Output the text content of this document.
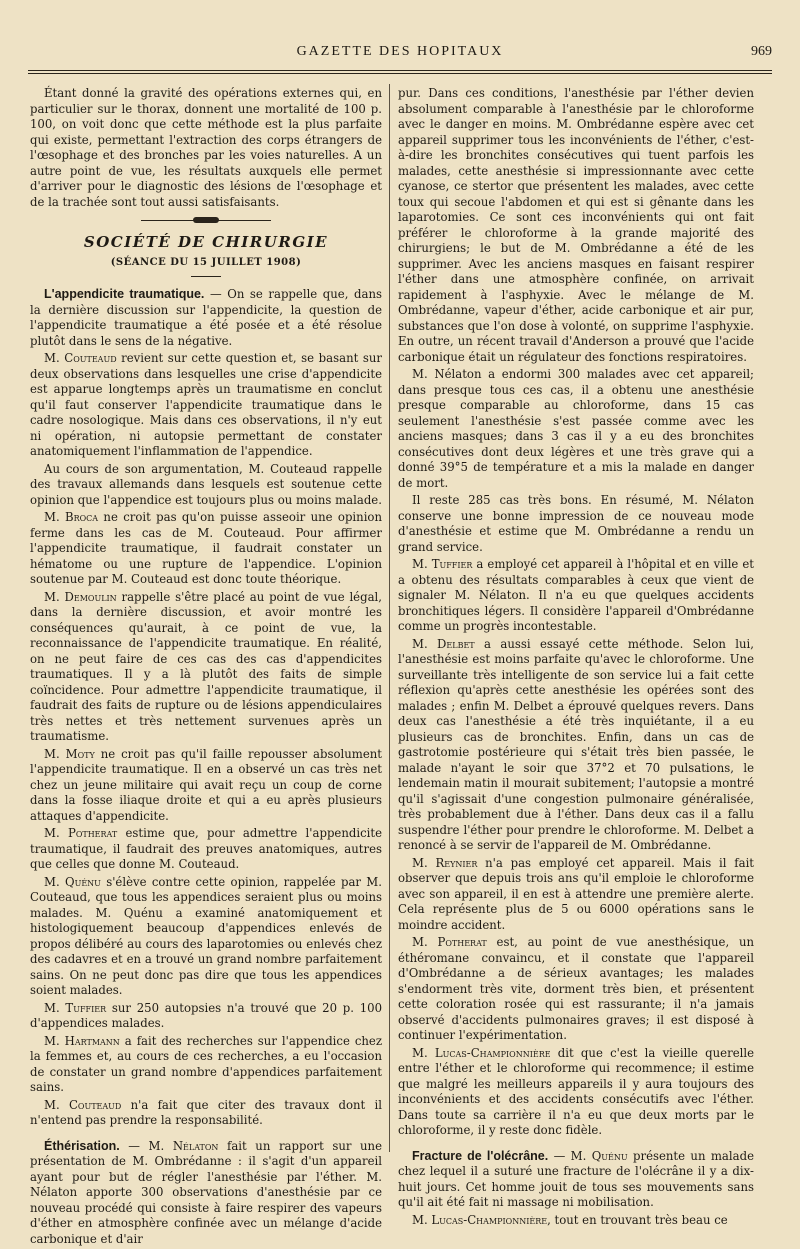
GAZETTE DES HOPITAUX	969

Étant donné la gravité des opérations externes qui, en particulier sur le thorax, donnent une mortalité de 100 p. 100, on voit donc que cette méthode est la plus parfaite qui existe, permettant l'extraction des corps étrangers de l'œsophage et des bronches par les voies naturelles. A un autre point de vue, les résultats auxquels elle permet d'arriver pour le diagnostic des lésions de l'œsophage et de la trachée sont tout aussi satisfaisants.

SOCIÉTÉ DE CHIRURGIE
(SÉANCE DU 15 JUILLET 1908)

L'appendicite traumatique. — On se rappelle que, dans la dernière discussion sur l'appendicite, la question de l'appendicite traumatique a été posée et a été résolue plutôt dans le sens de la négative.

M. Couteaud revient sur cette question et, se basant sur deux observations dans lesquelles une crise d'appendicite est apparue longtemps après un traumatisme en conclut qu'il faut conserver l'appendicite traumatique dans le cadre nosologique. Mais dans ces observations, il n'y eut ni opération, ni autopsie permettant de constater anatomiquement l'inflammation de l'appendice.

Au cours de son argumentation, M. Couteaud rappelle des travaux allemands dans lesquels est soutenue cette opinion que l'appendice est toujours plus ou moins malade.

M. Broca ne croit pas qu'on puisse asseoir une opinion ferme dans les cas de M. Couteaud. Pour affirmer l'appendicite traumatique, il faudrait constater un hématome ou une rupture de l'appendice. L'opinion soutenue par M. Couteaud est donc toute théorique.

M. Demoulin rappelle s'être placé au point de vue légal, dans la dernière discussion, et avoir montré les conséquences qu'aurait, à ce point de vue, la reconnaissance de l'appendicite traumatique. En réalité, on ne peut faire de ces cas des cas d'appendicites traumatiques. Il y a là plutôt des faits de simple coïncidence. Pour admettre l'appendicite traumatique, il faudrait des faits de rupture ou de lésions appendiculaires très nettes et très nettement survenues après un traumatisme.

M. Moty ne croit pas qu'il faille repousser absolument l'appendicite traumatique. Il en a observé un cas très net chez un jeune militaire qui avait reçu un coup de corne dans la fosse iliaque droite et qui a eu après plusieurs attaques d'appendicite.

M. Potherat estime que, pour admettre l'appendicite traumatique, il faudrait des preuves anatomiques, autres que celles que donne M. Couteaud.

M. Quénu s'élève contre cette opinion, rappelée par M. Couteaud, que tous les appendices seraient plus ou moins malades. M. Quénu a examiné anatomiquement et histologiquement beaucoup d'appendices enlevés de propos délibéré au cours des laparotomies ou enlevés chez des cadavres et en a trouvé un grand nombre parfaitement sains. On ne peut donc pas dire que tous les appendices soient malades.

M. Tuffier sur 250 autopsies n'a trouvé que 20 p. 100 d'appendices malades.

M. Hartmann a fait des recherches sur l'appendice chez la femmes et, au cours de ces recherches, a eu l'occasion de constater un grand nombre d'appendices parfaitement sains.

M. Couteaud n'a fait que citer des travaux dont il n'entend pas prendre la responsabilité.

Éthérisation. — M. Nélaton fait un rapport sur une présentation de M. Ombrédanne : il s'agit d'un appareil ayant pour but de régler l'anesthésie par l'éther. M. Nélaton apporte 300 observations d'anesthésie par ce nouveau procédé qui consiste à faire respirer des vapeurs d'éther en atmosphère confinée avec un mélange d'acide carbonique et d'air

pur. Dans ces conditions, l'anesthésie par l'éther devien absolument comparable à l'anesthésie par le chloroforme avec le danger en moins. M. Ombrédanne espère avec cet appareil supprimer tous les inconvénients de l'éther, c'est-à-dire les bronchites consécutives qui tuent parfois les malades, cette anesthésie si impressionnante avec cette cyanose, ce stertor que présentent les malades, avec cette toux qui secoue l'abdomen et qui est si gênante dans les laparotomies. Ce sont ces inconvénients qui ont fait préférer le chloroforme à la grande majorité des chirurgiens; le but de M. Ombrédanne a été de les supprimer. Avec les anciens masques en faisant respirer l'éther dans une atmosphère confinée, on arrivait rapidement à l'asphyxie. Avec le mélange de M. Ombrédanne, vapeur d'éther, acide carbonique et air pur, substances que l'on dose à volonté, on supprime l'asphyxie. En outre, un récent travail d'Anderson a prouvé que l'acide carbonique était un régulateur des fonctions respiratoires.

M. Nélaton a endormi 300 malades avec cet appareil; dans presque tous ces cas, il a obtenu une anesthésie presque comparable au chloroforme, dans 15 cas seulement l'anesthésie s'est passée comme avec les anciens masques; dans 3 cas il y a eu des bronchites consécutives dont deux légères et une très grave qui a donné 39°5 de température et a mis la malade en danger de mort.

Il reste 285 cas très bons. En résumé, M. Nélaton conserve une bonne impression de ce nouveau mode d'anesthésie et estime que M. Ombrédanne a rendu un grand service.

M. Tuffier a employé cet appareil à l'hôpital et en ville et a obtenu des résultats comparables à ceux que vient de signaler M. Nélaton. Il n'a eu que quelques accidents bronchitiques légers. Il considère l'appareil d'Ombrédanne comme un progrès incontestable.

M. Delbet a aussi essayé cette méthode. Selon lui, l'anesthésie est moins parfaite qu'avec le chloroforme. Une surveillante très intelligente de son service lui a fait cette réflexion qu'après cette anesthésie les opérées sont des malades ; enfin M. Delbet a éprouvé quelques revers. Dans deux cas l'anesthésie a été très inquiétante, il a eu plusieurs cas de bronchites. Enfin, dans un cas de gastrotomie postérieure qui s'était très bien passée, le malade n'ayant le soir que 37°2 et 70 pulsations, le lendemain matin il mourait subitement; l'autopsie a montré qu'il s'agissait d'une congestion pulmonaire généralisée, très probablement due à l'éther. Dans deux cas il a fallu suspendre l'éther pour prendre le chloroforme. M. Delbet a renoncé à se servir de l'appareil de M. Ombrédanne.

M. Reynier n'a pas employé cet appareil. Mais il fait observer que depuis trois ans qu'il emploie le chloroforme avec son appareil, il en est à attendre une première alerte. Cela représente plus de 5 ou 6000 opérations sans le moindre accident.

M. Potherat est, au point de vue anesthésique, un éthéromane convaincu, et il constate que l'appareil d'Ombrédanne a de sérieux avantages; les malades s'endorment très vite, dorment très bien, et présentent cette coloration rosée qui est rassurante; il n'a jamais observé d'accidents pulmonaires graves; il est disposé à continuer l'expérimentation.

M. Lucas-Championnière dit que c'est la vieille querelle entre l'éther et le chloroforme qui recommence; il estime que malgré les meilleurs appareils il y aura toujours des inconvénients et des accidents consécutifs avec l'éther. Dans toute sa carrière il n'a eu que deux morts par le chloroforme, il y reste donc fidèle.

Fracture de l'olécrâne. — M. Quénu présente un malade chez lequel il a suturé une fracture de l'olécrâne il y a dix-huit jours. Cet homme jouit de tous ses mouvements sans qu'il ait été fait ni massage ni mobilisation.

M. Lucas-Championnière, tout en trouvant très beau ce
